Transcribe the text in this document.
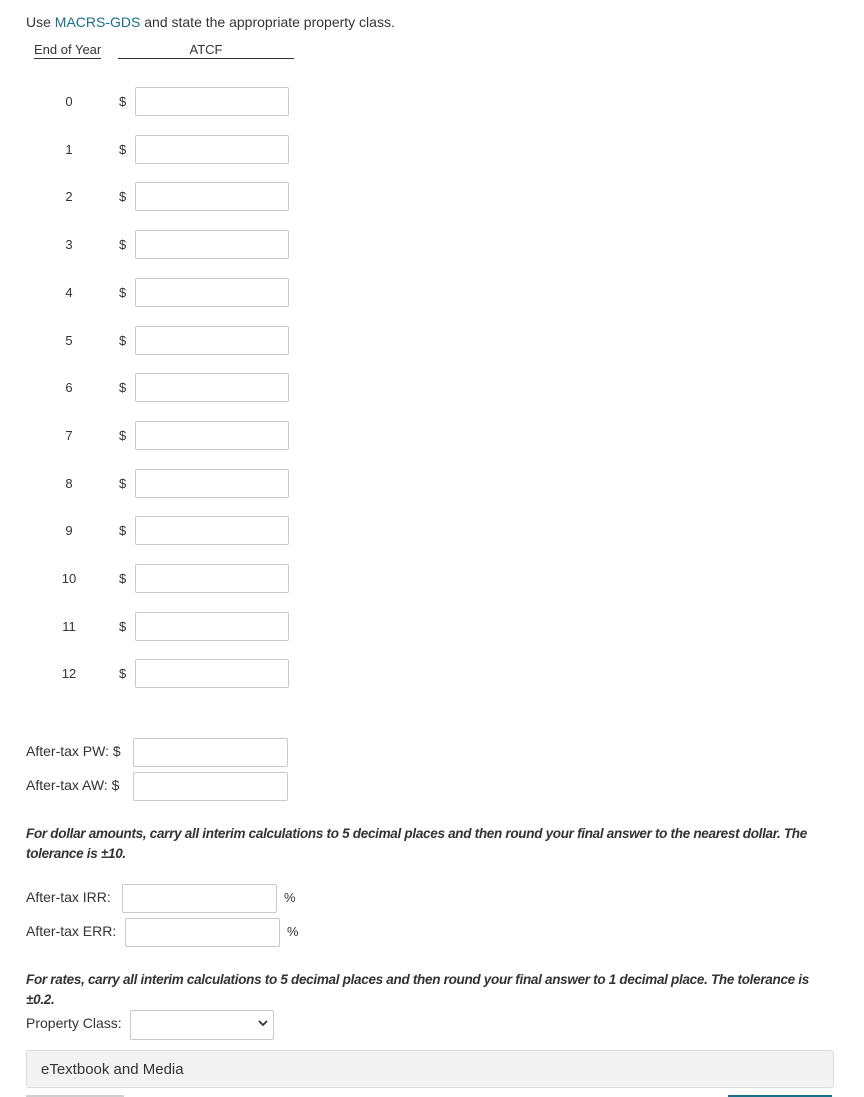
Use MACRS-GDS and state the appropriate property class.
End of Year	ATCF
0	$
1	$
2	$
3	$
4	$
5	$
6	$
7	$
8	$
9	$
10	$
11	$
12	$
After-tax PW: $
After-tax AW: $
For dollar amounts, carry all interim calculations to 5 decimal places and then round your final answer to the nearest dollar. The tolerance is ±10.
After-tax IRR:	%
After-tax ERR:	%
For rates, carry all interim calculations to 5 decimal places and then round your final answer to 1 decimal place. The tolerance is ±0.2.
Property Class:
eTextbook and Media
